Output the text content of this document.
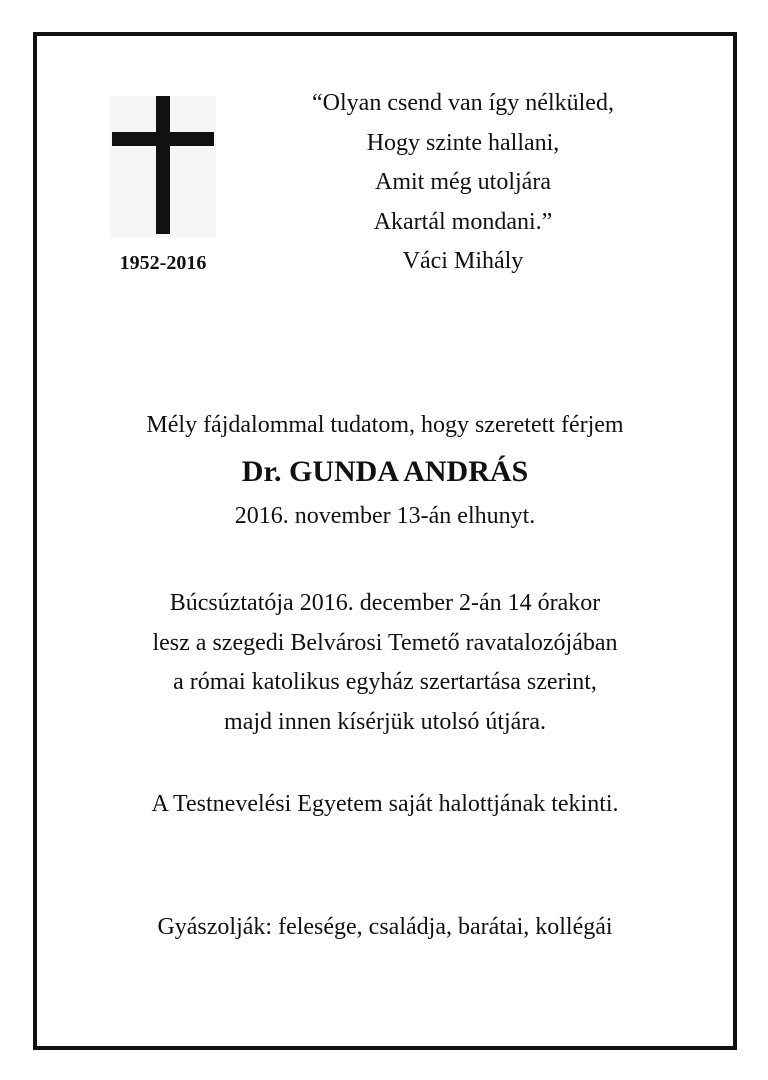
1952-2016
“Olyan csend van így nélküled,
Hogy szinte hallani,
Amit még utoljára
Akartál mondani.”
Váci Mihály
Mély fájdalommal tudatom, hogy szeretett férjem
Dr. GUNDA ANDRÁS
2016. november 13-án elhunyt.
Búcsúztatója 2016. december 2-án 14 órakor
lesz a szegedi Belvárosi Temető ravatalozójában
a római katolikus egyház szertartása szerint,
majd innen kísérjük utolsó útjára.
A Testnevelési Egyetem saját halottjának tekinti.
Gyászolják: felesége, családja, barátai, kollégái
